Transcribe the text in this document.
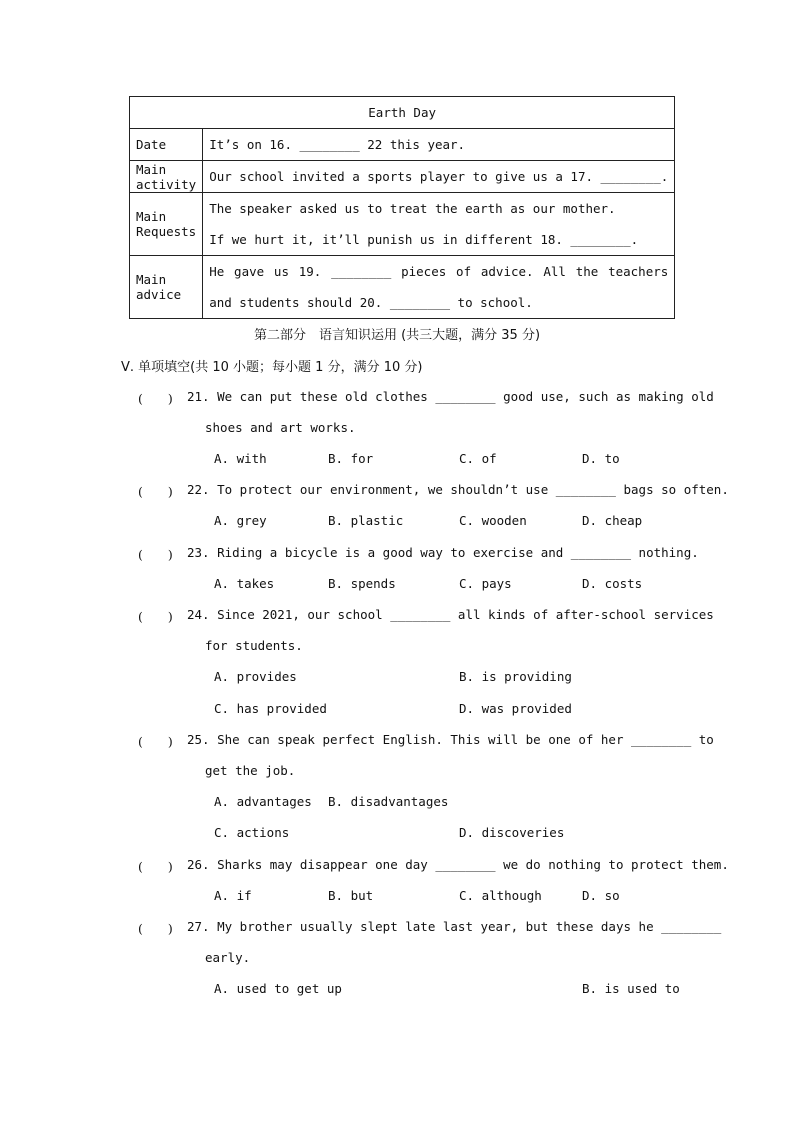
Earth Day	
Date	It’s on 16. ________ 22 this year.

Main activity	Our school invited a sports player to give us a 17. ________.

Main Requests	The speaker asked us to treat the earth as our mother.
If we hurt it, it’ll punish us in different 18. ________.

Main advice	He gave us 19. ________ pieces of advice. All the teachers
and students should 20. ________ to school.
第二部分　语言知识运用 (共三大题，满分 35 分)
Ⅴ. 单项填空(共 10 小题；每小题 1 分，满分 10 分)
(　　) 21. We can put these old clothes ________ good use, such as making old
shoes and art works.
A. with	B. for	C. of	D. to
(　　) 22. To protect our environment, we shouldn’t use ________ bags so often.
A. grey	B. plastic	C. wooden	D. cheap
(　　) 23. Riding a bicycle is a good way to exercise and ________ nothing.
A. takes	B. spends	C. pays	D. costs
(　　) 24. Since 2021, our school ________ all kinds of after-school services
for students.
A. provides	B. is providing
C. has provided	D. was provided
(　　) 25. She can speak perfect English. This will be one of her ________ to
get the job.
A. advantages B. disadvantages
C. actions	D. discoveries
(　　) 26. Sharks may disappear one day ________ we do nothing to protect them.
A. if	B. but	C. although	D. so
(　　) 27. My brother usually slept late last year, but these days he ________
early.
A. used to get up	B. is used to
